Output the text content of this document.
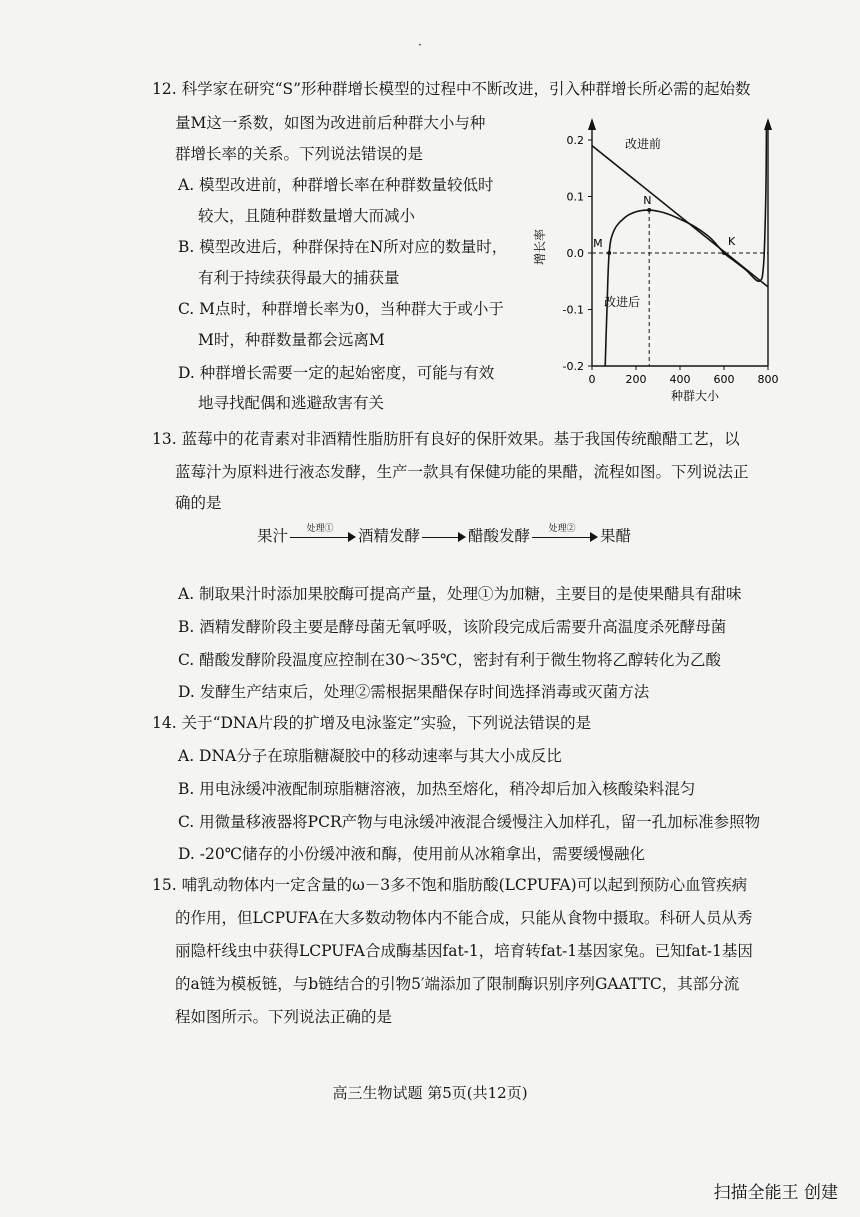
·
12. 科学家在研究“S”形种群增长模型的过程中不断改进，引入种群增长所必需的起始数
量M这一系数，如图为改进前后种群大小与种
群增长率的关系。下列说法错误的是
A. 模型改进前，种群增长率在种群数量较低时
较大，且随种群数量增大而减小
B. 模型改进后，种群保持在N所对应的数量时，
有利于持续获得最大的捕获量
C. M点时，种群增长率为0，当种群大于或小于
M时，种群数量都会远离M
D. 种群增长需要一定的起始密度，可能与有效
地寻找配偶和逃避敌害有关
0.2
0.1
0.0
-0.1
-0.2
0	200 400 600 800
M
N
K
增长率
种群大小
改进前
改进后
13. 蓝莓中的花青素对非酒精性脂肪肝有良好的保肝效果。基于我国传统酿醋工艺，以
蓝莓汁为原料进行液态发酵，生产一款具有保健功能的果醋，流程如图。下列说法正
确的是
果汁	处理①	酒精发酵	醋酸发酵	处理②	果醋
A. 制取果汁时添加果胶酶可提高产量，处理①为加糖，主要目的是使果醋具有甜味
B. 酒精发酵阶段主要是酵母菌无氧呼吸，该阶段完成后需要升高温度杀死酵母菌
C. 醋酸发酵阶段温度应控制在30～35℃，密封有利于微生物将乙醇转化为乙酸
D. 发酵生产结束后，处理②需根据果醋保存时间选择消毒或灭菌方法
14. 关于“DNA片段的扩增及电泳鉴定”实验，下列说法错误的是
A. DNA分子在琼脂糖凝胶中的移动速率与其大小成反比
B. 用电泳缓冲液配制琼脂糖溶液，加热至熔化，稍冷却后加入核酸染料混匀
C. 用微量移液器将PCR产物与电泳缓冲液混合缓慢注入加样孔，留一孔加标准参照物
D. -20℃储存的小份缓冲液和酶，使用前从冰箱拿出，需要缓慢融化
15. 哺乳动物体内一定含量的ω－3多不饱和脂肪酸(LCPUFA)可以起到预防心血管疾病
的作用，但LCPUFA在大多数动物体内不能合成，只能从食物中摄取。科研人员从秀
丽隐杆线虫中获得LCPUFA合成酶基因fat-1，培育转fat-1基因家兔。已知fat-1基因
的a链为模板链，与b链结合的引物5′端添加了限制酶识别序列GAATTC，其部分流
程如图所示。下列说法正确的是
高三生物试题 第5页(共12页)
扫描全能王 创建
